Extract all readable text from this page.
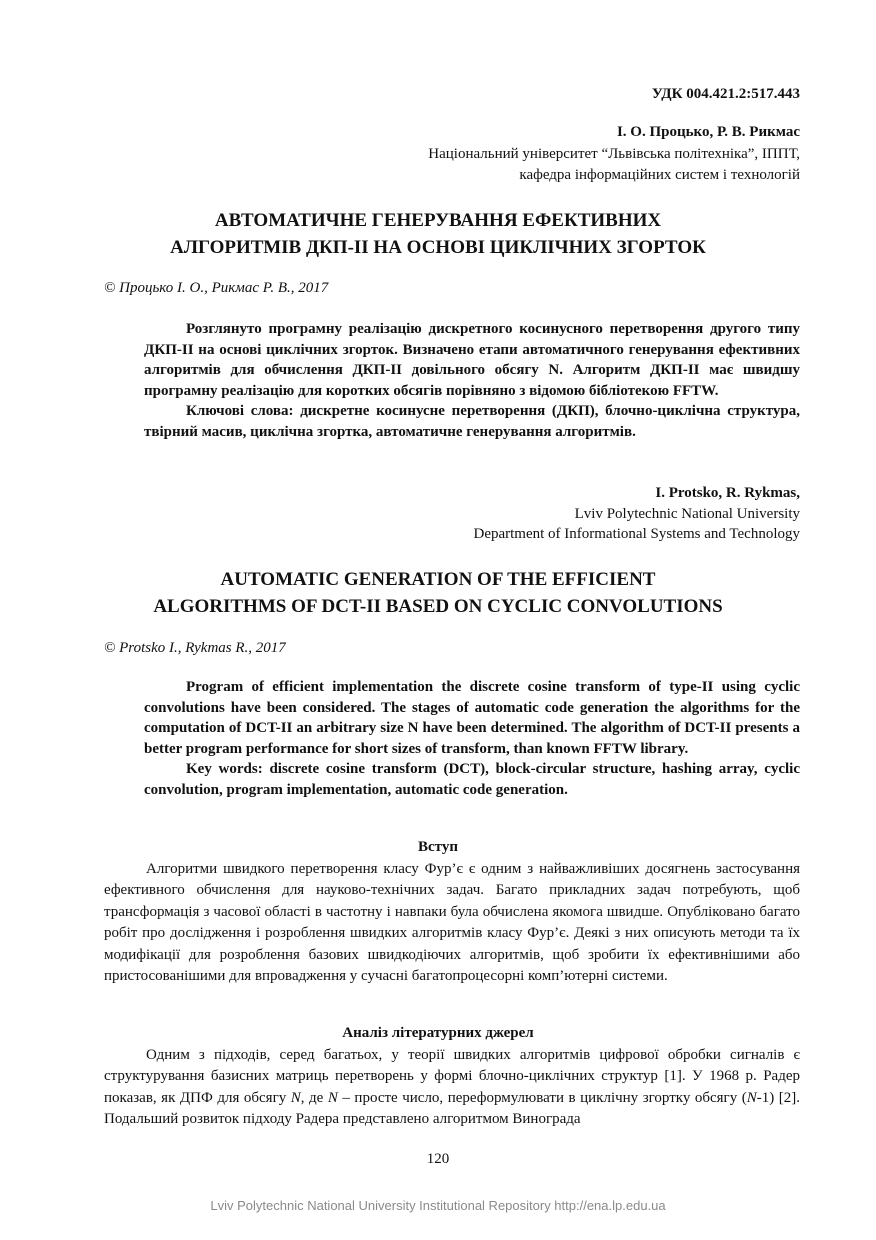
УДК 004.421.2:517.443
І. О. Процько, Р. В. Рикмас
Національний університет “Львівська політехніка”, ІППТ,
кафедра інформаційних систем і технологій
АВТОМАТИЧНЕ ГЕНЕРУВАННЯ ЕФЕКТИВНИХ
АЛГОРИТМІВ ДКП-ІІ НА ОСНОВІ ЦИКЛІЧНИХ ЗГОРТОК
© Процько І. О., Рикмас Р. В., 2017

Розглянуто програмну реалізацію дискретного косинусного перетворення другого типу ДКП-ІІ на основі циклічних згорток. Визначено етапи автоматичного генерування ефективних алгоритмів для обчислення ДКП-ІІ довільного обсягу N. Алгоритм ДКП-ІІ має швидшу програмну реалізацію для коротких обсягів порівняно з відомою бібліотекою FFTW.

Ключові слова: дискретне косинусне перетворення (ДКП), блочно-циклічна структура, твірний масив, циклічна згортка, автоматичне генерування алгоритмів.

I. Protsko, R. Rykmas,
Lviv Polytechnic National University
Department of Informational Systems and Technology
AUTOMATIC GENERATION OF THE EFFICIENT
ALGORITHMS OF DCT-II BASED ON CYCLIC CONVOLUTIONS
© Protsko I., Rykmas R., 2017

Program of efficient implementation the discrete cosine transform of type-II using cyclic convolutions have been considered. The stages of automatic code generation the algorithms for the computation of DCT-II an arbitrary size N have been determined. The algorithm of DCT-II presents a better program performance for short sizes of transform, than known FFTW library.

Key words: discrete cosine transform (DCT), block-circular structure, hashing array, cyclic convolution, program implementation, automatic code generation.

Вступ

Алгоритми швидкого перетворення класу Фур’є є одним з найважливіших досягнень застосування ефективного обчислення для науково-технічних задач. Багато прикладних задач потребують, щоб трансформація з часової області в частотну і навпаки була обчислена якомога швидше. Опубліковано багато робіт про дослідження і розроблення швидких алгоритмів класу Фур’є. Деякі з них описують методи та їх модифікації для розроблення базових швидкодіючих алгоритмів, щоб зробити їх ефективнішими або пристосованішими для впровадження у сучасні багатопроцесорні комп’ютерні системи.

Аналіз літературних джерел

Одним з підходів, серед багатьох, у теорії швидких алгоритмів цифрової обробки сигналів є структурування базисних матриць перетворень у формі блочно-циклічних структур [1]. У 1968 р. Радер показав, як ДПФ для обсягу N, де N – просте число, переформулювати в циклічну згортку обсягу (N-1) [2]. Подальший розвиток підходу Радера представлено алгоритмом Винограда

120
Lviv Polytechnic National University Institutional Repository http://ena.lp.edu.ua
